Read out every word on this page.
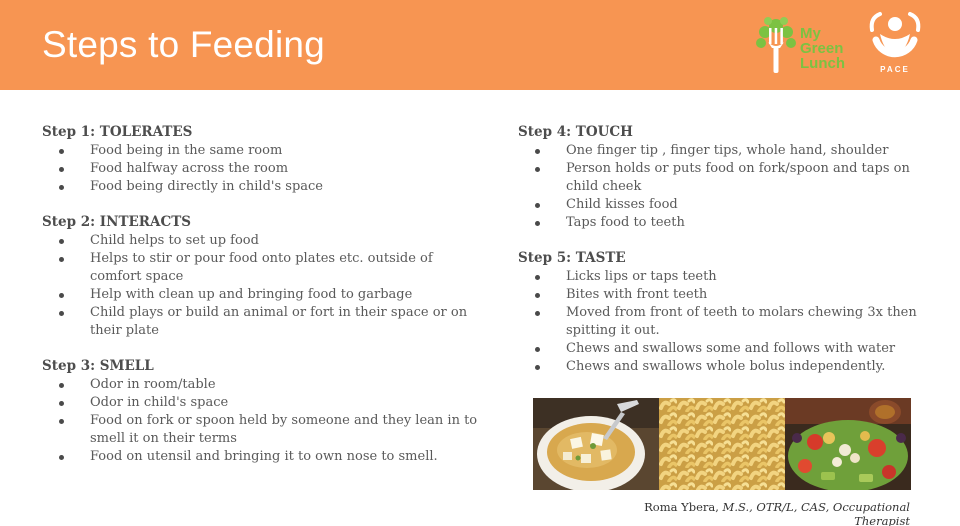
Steps to Feeding	My
Green
Lunch	PACE
Step 1: TOLERATES
Food being in the same room
Food halfway across the room
Food being directly in child's space
Step 2: INTERACTS
Child helps to set up food
Helps to stir or pour food onto plates etc. outside of comfort space
Help with clean up and bringing food to garbage
Child plays or build an animal or fort in their space or on their plate
Step 3: SMELL
Odor in room/table
Odor in child's space
Food on fork or spoon held by someone and they lean in to smell it on their terms
Food on utensil and bringing it to own nose to smell.
Step 4: TOUCH
One finger tip , finger tips, whole hand, shoulder
Person holds or puts food on fork/spoon and taps on child cheek
Child kisses food
Taps food to teeth
Step 5: TASTE
Licks lips or taps teeth
Bites with front teeth
Moved from front of teeth to molars chewing 3x then spitting it out.
Chews and swallows some and follows with water
Chews and swallows whole bolus independently.
Roma Ybera, M.S., OTR/L, CAS, Occupational Therapist
